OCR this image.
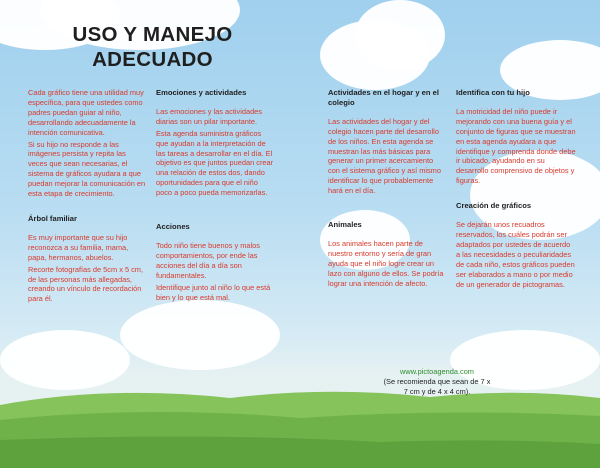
USO Y MANEJO
ADECUADO

Cada gráfico tiene una utilidad muy específica, para que ustedes como padres puedan guiar al niño, desarrollando adecuadamente la intención comunicativa.

Si su hijo no responde a las imágenes persista y repita las veces que sean necesarias, el sistema de gráficos ayudara a que puedan mejorar la comunicación en esta etapa de crecimiento.

Árbol familiar

Es muy importante que su hijo reconozca a su familia, mama, papa, hermanos, abuelos.

Recorte fotografías de 5cm x 5 cm, de las personas más allegadas, creando un vínculo de recordación para él.

Emociones y actividades

Las emociones y las actividades diarias son un pilar importante.

Esta agenda suministra gráficos que ayudan a la interpretación de las tareas a desarrollar en el día. El objetivo es que juntos puedan crear una relación de estos dos, dando oportunidades para que el niño poco a poco pueda memorizarlas.

Acciones

Todo niño tiene buenos y malos comportamientos, por ende las acciones del día a día son fundamentales.

Identifique junto al niño lo que está bien y lo que está mal.

Actividades en el hogar y en el colegio

Las actividades del hogar y del colegio hacen parte del desarrollo de los niños. En esta agenda se muestran las más básicas para generar un primer acercamiento con el sistema gráfico y así mismo identificar lo que probablemente hará en el día.

Animales

Los animales hacen parte de nuestro entorno y sería de gran ayuda que el niño logre crear un lazo con alguno de ellos. Se podría lograr una intención de afecto.

Identifica con tu hijo

La motricidad del niño puede ir mejorando con una buena guía y el conjunto de figuras que se muestran en esta agenda ayudara a que identifique y comprenda donde debe ir ubicado, ayudando en su desarrollo comprensivo de objetos y figuras.

Creación de gráficos

Se dejarán unos recuadros reservados, los cuáles podrán ser adaptados por ustedes de acuerdo a las necesidades o peculiaridades de cada niño, estos gráficos pueden ser elaborados a mano o por medio de un generador de pictogramas.

www.pictoagenda.com
(Se recomienda que sean de 7 x 7 cm y de 4 x 4 cm).
